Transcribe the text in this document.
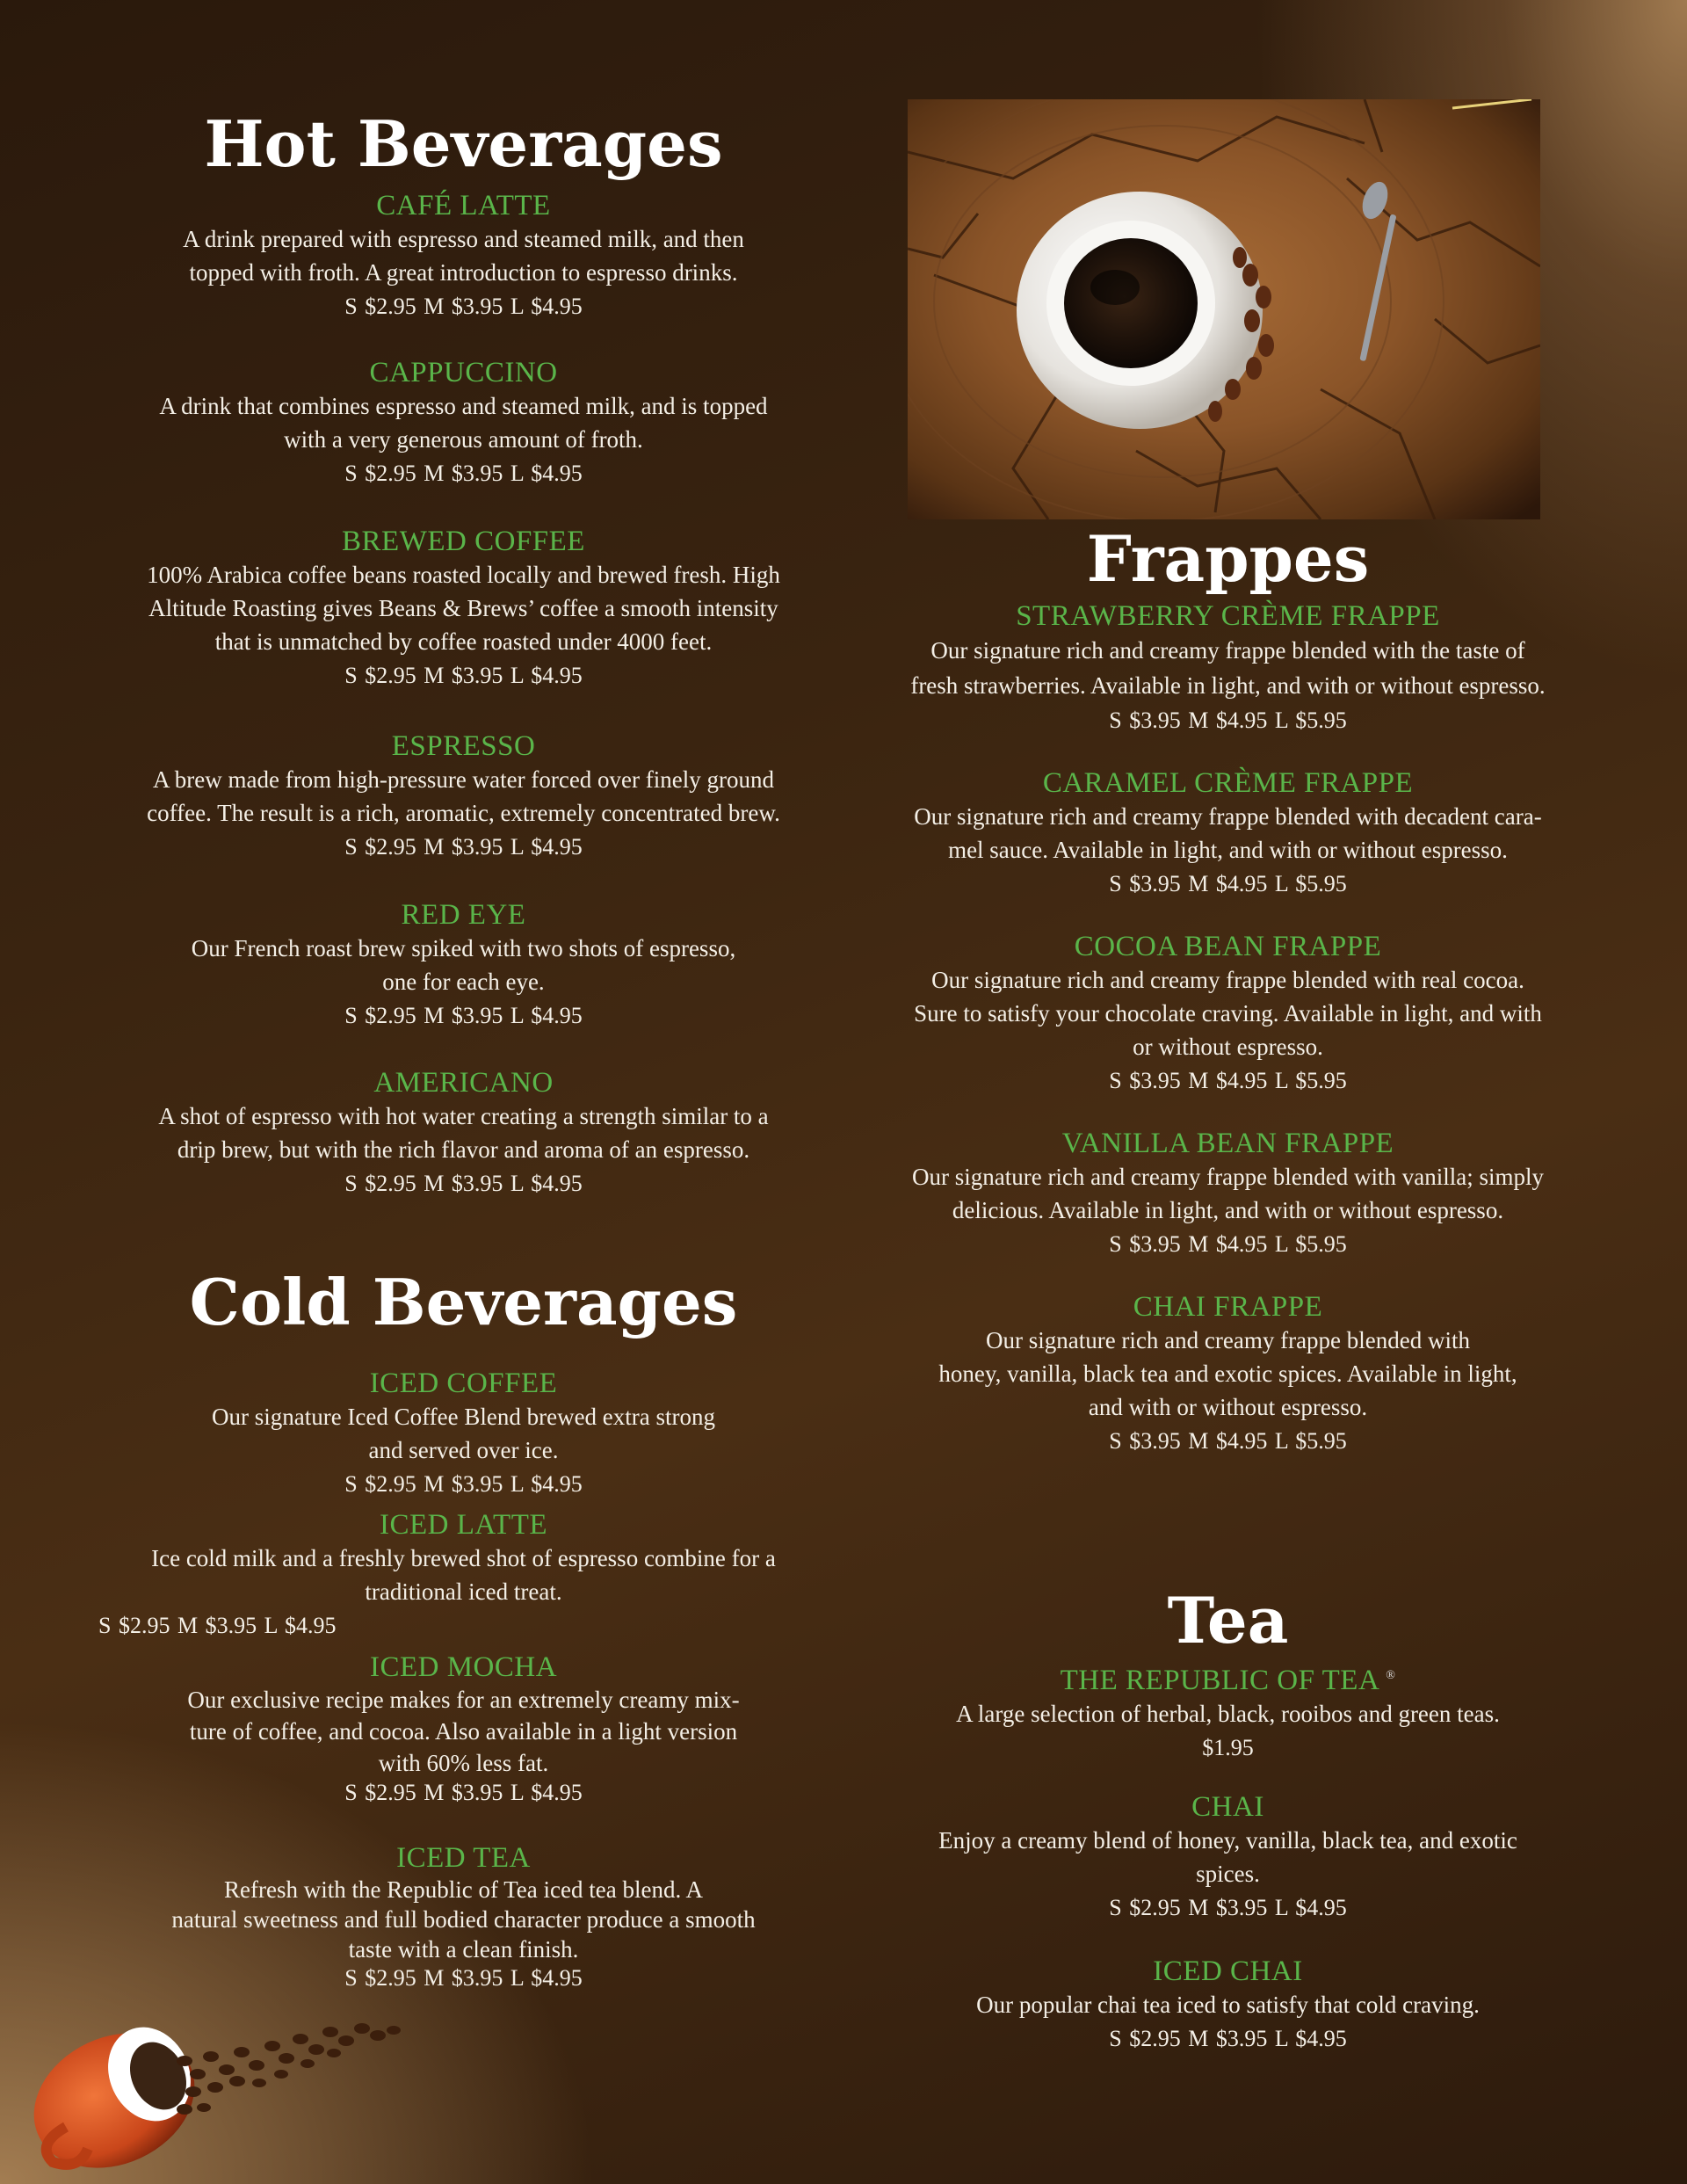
Hot Beverages

CAFÉ LATTE

A drink prepared with espresso and steamed milk, and then
topped with froth. A great introduction to espresso drinks.

S $2.95 M $3.95 L $4.95

CAPPUCCINO

A drink that combines espresso and steamed milk, and is topped
with a very generous amount of froth.

S $2.95 M $3.95 L $4.95

BREWED COFFEE

100% Arabica coffee beans roasted locally and brewed fresh. High
Altitude Roasting gives Beans & Brews’ coffee a smooth intensity
that is unmatched by coffee roasted under 4000 feet.

S $2.95 M $3.95 L $4.95

ESPRESSO

A brew made from high-pressure water forced over finely ground
coffee. The result is a rich, aromatic, extremely concentrated brew.

S $2.95 M $3.95 L $4.95

RED EYE

Our French roast brew spiked with two shots of espresso,
one for each eye.

S $2.95 M $3.95 L $4.95

AMERICANO

A shot of espresso with hot water creating a strength similar to a
drip brew, but with the rich flavor and aroma of an espresso.

S $2.95 M $3.95 L $4.95

Cold Beverages

ICED COFFEE

Our signature Iced Coffee Blend brewed extra strong
and served over ice.

S $2.95 M $3.95 L $4.95

ICED LATTE

Ice cold milk and a freshly brewed shot of espresso combine for a
traditional iced treat.

S $2.95 M $3.95 L $4.95

ICED MOCHA

Our exclusive recipe makes for an extremely creamy mix-
ture of coffee, and cocoa. Also available in a light version
with 60% less fat.

S $2.95 M $3.95 L $4.95

ICED TEA

Refresh with the Republic of Tea iced tea blend. A
natural sweetness and full bodied character produce a smooth
taste with a clean finish.

S $2.95 M $3.95 L $4.95

Frappes

STRAWBERRY CRÈME FRAPPE

Our signature rich and creamy frappe blended with the taste of
fresh strawberries. Available in light, and with or without espresso.

S $3.95 M $4.95 L $5.95

CARAMEL CRÈME FRAPPE

Our signature rich and creamy frappe blended with decadent cara-
mel sauce. Available in light, and with or without espresso.

S $3.95 M $4.95 L $5.95

COCOA BEAN FRAPPE

Our signature rich and creamy frappe blended with real cocoa.
Sure to satisfy your chocolate craving. Available in light, and with
or without espresso.

S $3.95 M $4.95 L $5.95

VANILLA BEAN FRAPPE

Our signature rich and creamy frappe blended with vanilla; simply
delicious. Available in light, and with or without espresso.

S $3.95 M $4.95 L $5.95

CHAI FRAPPE

Our signature rich and creamy frappe blended with
honey, vanilla, black tea and exotic spices. Available in light,
and with or without espresso.

S $3.95 M $4.95 L $5.95

Tea

THE REPUBLIC OF TEA ®

A large selection of herbal, black, rooibos and green teas.

$1.95

CHAI

Enjoy a creamy blend of honey, vanilla, black tea, and exotic
spices.

S $2.95 M $3.95 L $4.95

ICED CHAI

Our popular chai tea iced to satisfy that cold craving.

S $2.95 M $3.95 L $4.95
